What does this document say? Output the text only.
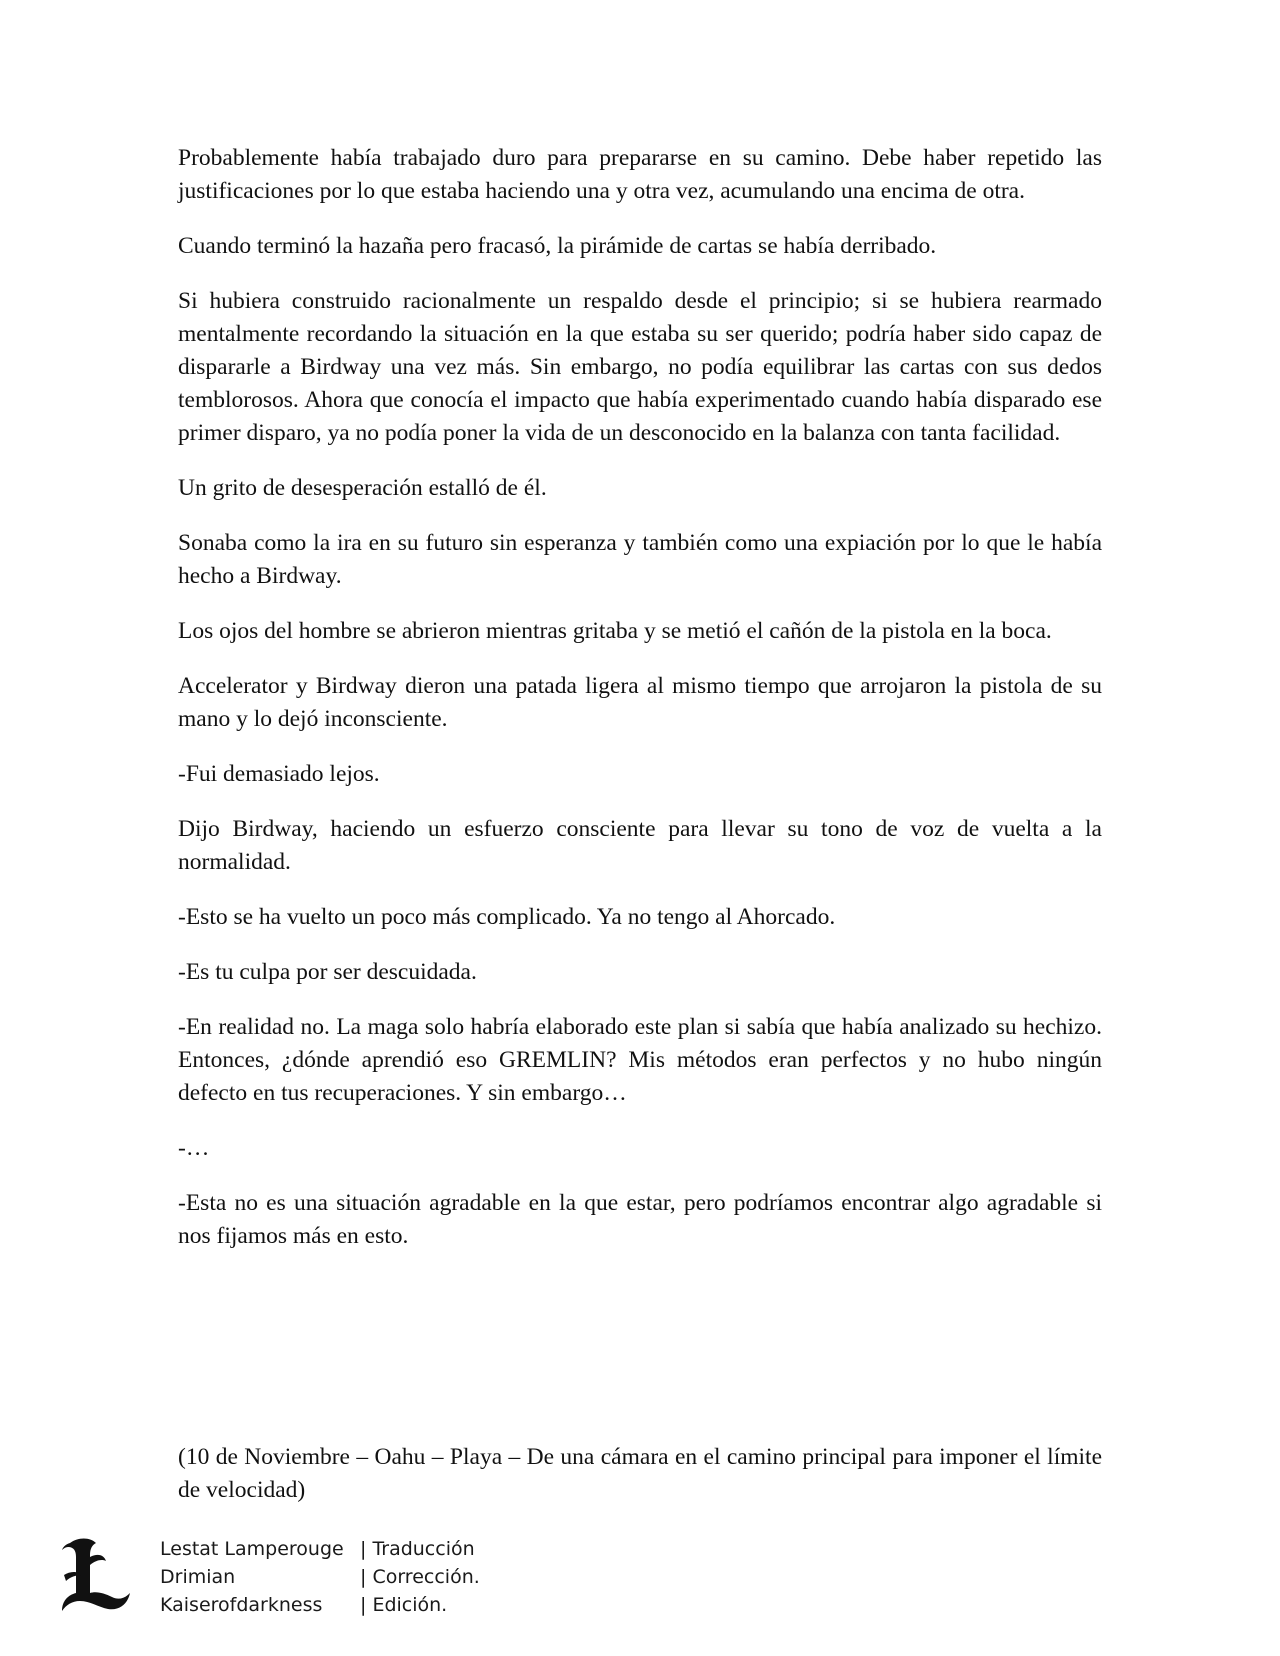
Probablemente había trabajado duro para prepararse en su camino. Debe haber repetido las justificaciones por lo que estaba haciendo una y otra vez, acumulando una encima de otra.

Cuando terminó la hazaña pero fracasó, la pirámide de cartas se había derribado.

Si hubiera construido racionalmente un respaldo desde el principio; si se hubiera rearmado mentalmente recordando la situación en la que estaba su ser querido; podría haber sido capaz de dispararle a Birdway una vez más. Sin embargo, no podía equilibrar las cartas con sus dedos temblorosos. Ahora que conocía el impacto que había experimentado cuando había disparado ese primer disparo, ya no podía poner la vida de un desconocido en la balanza con tanta facilidad.

Un grito de desesperación estalló de él.

Sonaba como la ira en su futuro sin esperanza y también como una expiación por lo que le había hecho a Birdway.

Los ojos del hombre se abrieron mientras gritaba y se metió el cañón de la pistola en la boca.

Accelerator y Birdway dieron una patada ligera al mismo tiempo que arrojaron la pistola de su mano y lo dejó inconsciente.

-Fui demasiado lejos.

Dijo Birdway, haciendo un esfuerzo consciente para llevar su tono de voz de vuelta a la normalidad.

-Esto se ha vuelto un poco más complicado. Ya no tengo al Ahorcado.

-Es tu culpa por ser descuidada.

-En realidad no. La maga solo habría elaborado este plan si sabía que había analizado su hechizo. Entonces, ¿dónde aprendió eso GREMLIN? Mis métodos eran perfectos y no hubo ningún defecto en tus recuperaciones. Y sin embargo…

-…

-Esta no es una situación agradable en la que estar, pero podríamos encontrar algo agradable si nos fijamos más en esto.

(10 de Noviembre – Oahu – Playa – De una cámara en el camino principal para imponer el límite de velocidad)

Lestat Lamperouge | Traducción
Drimian	| Corrección.
Kaiserofdarkness	| Edición.
